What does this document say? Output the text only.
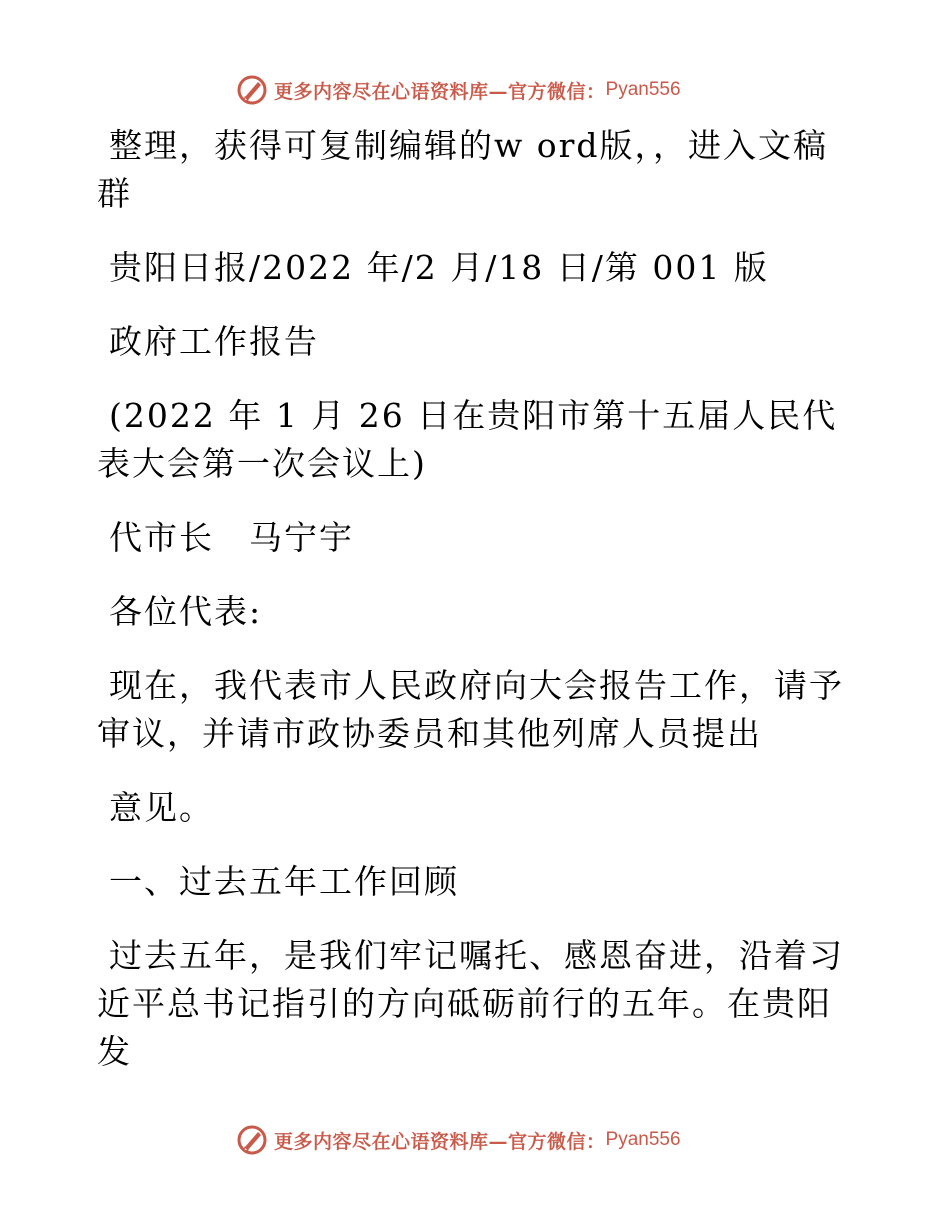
更多内容尽在心语资料库—官方微信： Pyan556

整理，获得可复制编辑的w ord版，，进入文稿群

贵阳日报/2022 年/2 月/18 日/第 001 版

政府工作报告

(2022 年 1 月 26 日在贵阳市第十五届人民代表大会第一次会议上)

代市长　马宁宇

各位代表:

现在，我代表市人民政府向大会报告工作，请予审议，并请市政协委员和其他列席人员提出

意见。

一、过去五年工作回顾

过去五年，是我们牢记嘱托、感恩奋进，沿着习近平总书记指引的方向砥砺前行的五年。在贵阳发

更多内容尽在心语资料库—官方微信： Pyan556
